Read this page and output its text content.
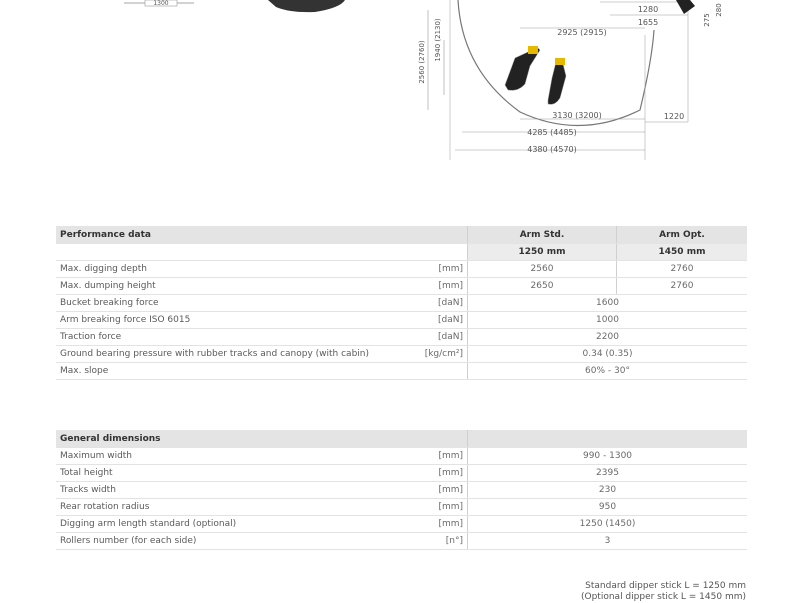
1300
2560 (2760)
1940 (2130)
1280
1655
2925 (2915)
275
280
3130 (3200)	1220
4285 (4485)
4380 (4570)
Performance data		Arm Std.	Arm Opt.
		1250 mm	1450 mm
Max. digging depth	[mm]	2560	2760
Max. dumping height	[mm]	2650	2760
Bucket breaking force	[daN]	1600	
Arm breaking force ISO 6015	[daN]	1000	
Traction force	[daN]	2200	
Ground bearing pressure with rubber tracks and canopy (with cabin)	[kg/cm²]	0.34 (0.35)	
Max. slope		60% - 30°	
General dimensions		
Maximum width	[mm]	990 - 1300
Total height	[mm]	2395
Tracks width	[mm]	230
Rear rotation radius	[mm]	950
Digging arm length standard (optional)	[mm]	1250 (1450)
Rollers number (for each side)	[n°]	3
Standard dipper stick L = 1250 mm
(Optional dipper stick L = 1450 mm)
